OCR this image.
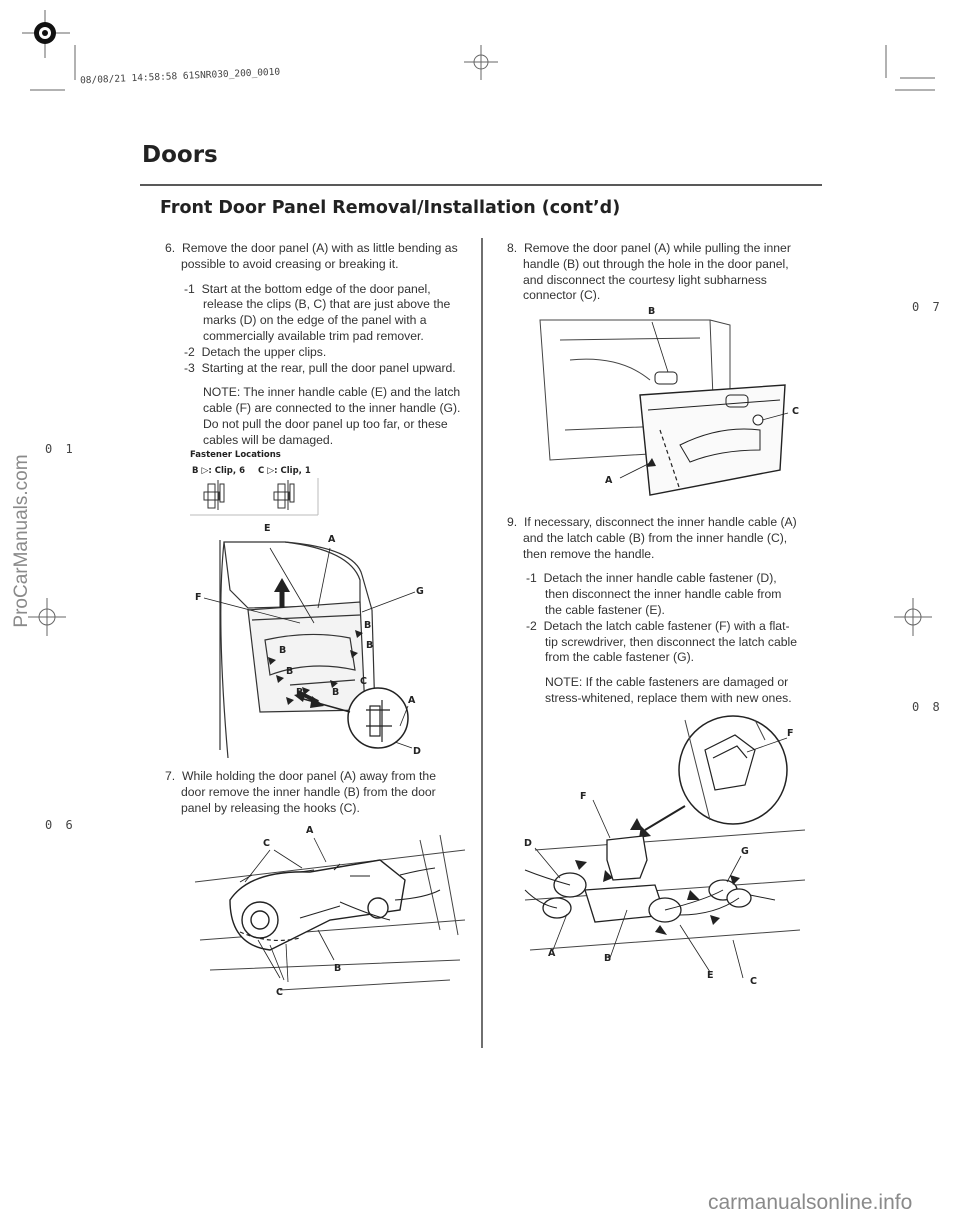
08/08/21 14:58:58 61SNR030_200_0010
Doors
Front Door Panel Removal/Installation (cont’d)
0 1
0 6
0 7
0 8
ProCarManuals.com
carmanualsonline.info
6. Remove the door panel (A) with as little bending as
possible to avoid creasing or breaking it.
-1 Start at the bottom edge of the door panel,
release the clips (B, C) that are just above the
marks (D) on the edge of the panel with a
commercially available trim pad remover.
-2 Detach the upper clips.
-3 Starting at the rear, pull the door panel upward.
NOTE: The inner handle cable (E) and the latch
cable (F) are connected to the inner handle (G).
Do not pull the door panel up too far, or these
cables will be damaged.
Fastener Locations
B ▷: Clip, 6 C ▷: Clip, 1
E
A
F
G
B
B
B
B
B	B
C
A
D
7. While holding the door panel (A) away from the
door remove the inner handle (B) from the door
panel by releasing the hooks (C).
A
C
B
C
8. Remove the door panel (A) while pulling the inner
handle (B) out through the hole in the door panel,
and disconnect the courtesy light subharness
connector (C).
B
C
A
9. If necessary, disconnect the inner handle cable (A)
and the latch cable (B) from the inner handle (C),
then remove the handle.
-1 Detach the inner handle cable fastener (D),
then disconnect the inner handle cable from
the cable fastener (E).
-2 Detach the latch cable fastener (F) with a flat-
tip screwdriver, then disconnect the latch cable
from the cable fastener (G).
NOTE: If the cable fasteners are damaged or
stress-whitened, replace them with new ones.
F
F
D
G
A	B
E
C
